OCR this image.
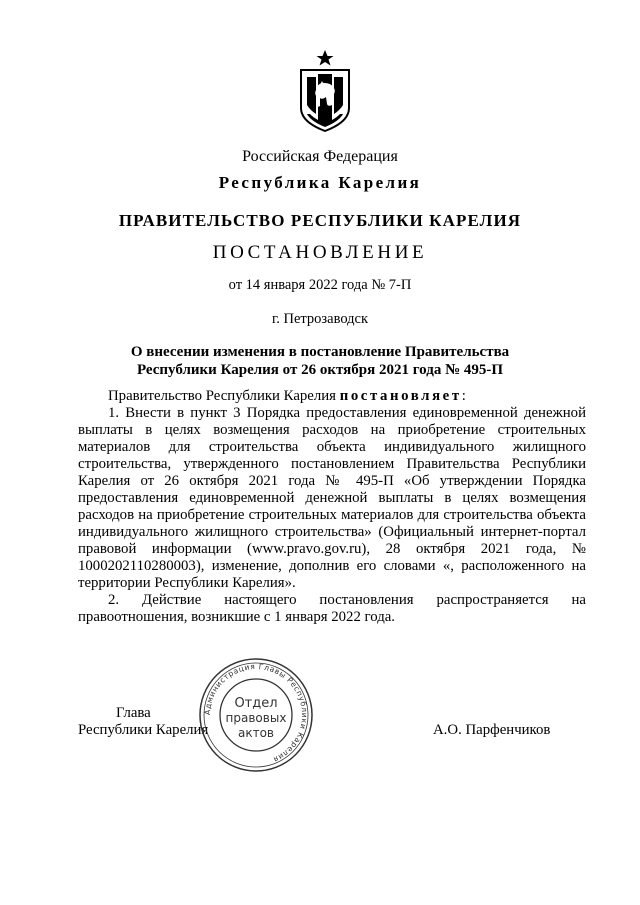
Российская Федерация
Республика Карелия
ПРАВИТЕЛЬСТВО РЕСПУБЛИКИ КАРЕЛИЯ
ПОСТАНОВЛЕНИЕ
от 14 января 2022 года № 7-П
г. Петрозаводск
О внесении изменения в постановление Правительства
Республики Карелия от 26 октября 2021 года № 495-П

Правительство Республики Карелия постановляет:

1. Внести в пункт 3 Порядка предоставления единовременной денежной выплаты в целях возмещения расходов на приобретение строительных материалов для строительства объекта индивидуального жилищного строительства, утвержденного постановлением Правительства Республики Карелия от 26 октября 2021 года № 495-П «Об утверждении Порядка предоставления единовременной денежной выплаты в целях возмещения расходов на приобретение строительных материалов для строительства объекта индивидуального жилищного строительства» (Официальный интернет-портал правовой информации (www.pravo.gov.ru), 28 октября 2021 года, № 1000202110280003), изменение, дополнив его словами «, расположенного на территории Республики Карелия».

2. Действие настоящего постановления распространяется на правоотношения, возникшие с 1 января 2022 года.

Глава
Республики Карелия	А.О. Парфенчиков
Администрация Главы Республики Карелия
Отдел
правовых
актов
